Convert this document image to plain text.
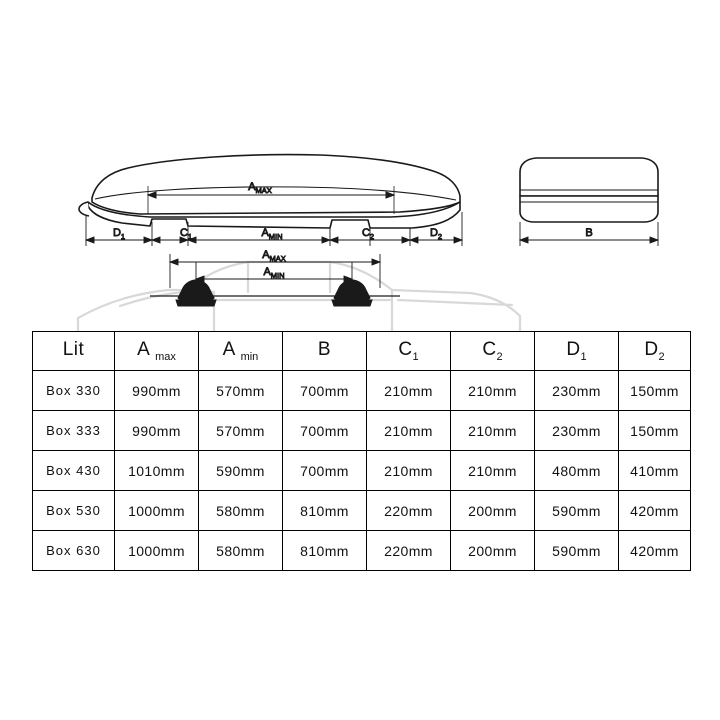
$A_{MAX}$
$D_1$	$C_1$	$A_{MIN}$	$C_2$	$D_2$	B
$A_{MAX}$
$A_{MIN}$
Lit	A $_{max}$	A $_{min}$	B	$C_1$	$C_2$	$D_1$	$D_2$
Box 330	990mm	570mm	700mm	210mm	210mm	230mm	150mm
Box 333	990mm	570mm	700mm	210mm	210mm	230mm	150mm
Box 430	1010mm	590mm	700mm	210mm	210mm	480mm	410mm
Box 530	1000mm	580mm	810mm	220mm	200mm	590mm	420mm
Box 630	1000mm	580mm	810mm	220mm	200mm	590mm	420mm
